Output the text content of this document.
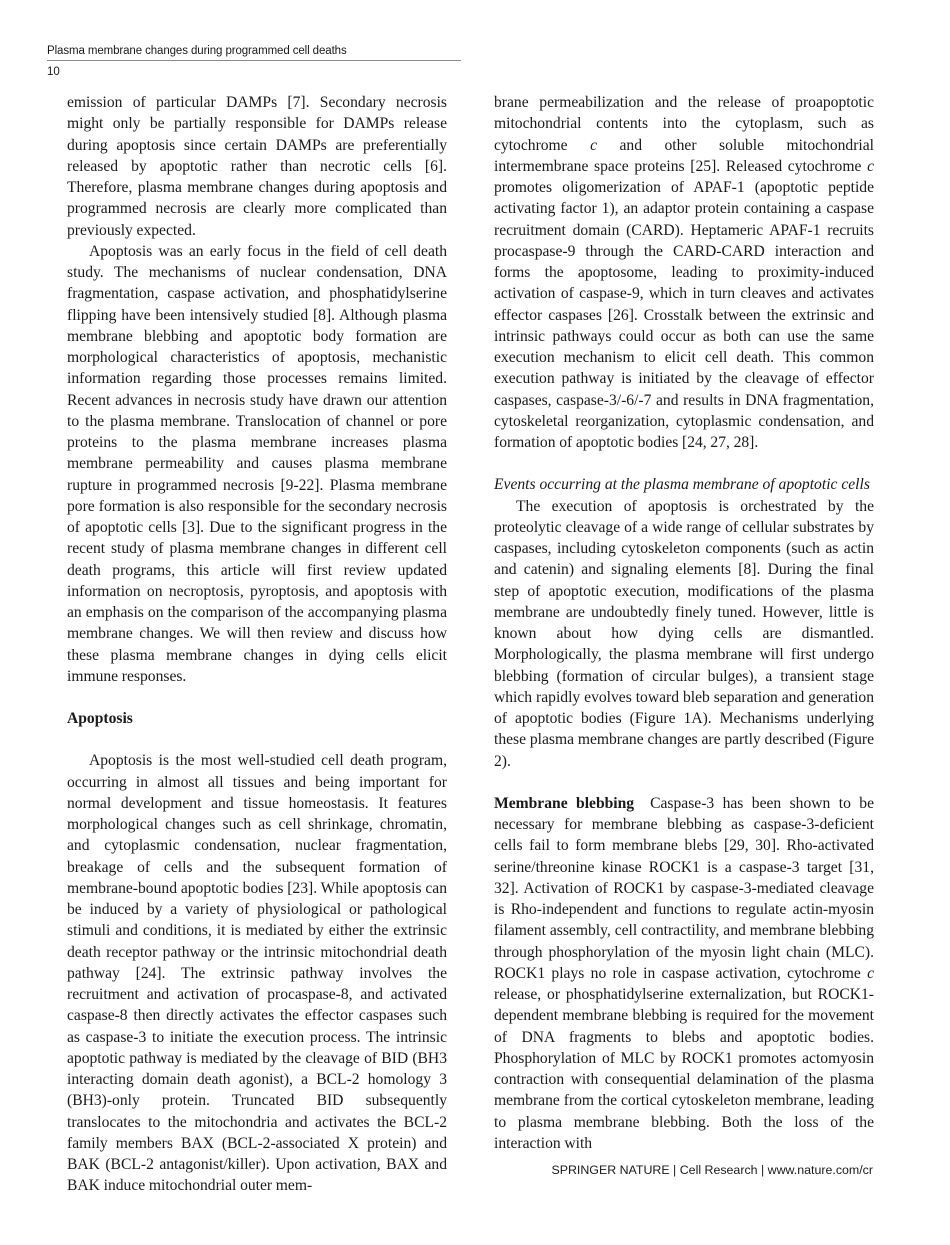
Plasma membrane changes during programmed cell deaths
10

emission of particular DAMPs [7]. Secondary necrosis might only be partially responsible for DAMPs release during apoptosis since certain DAMPs are preferentially released by apoptotic rather than necrotic cells [6]. Therefore, plasma membrane changes during apoptosis and programmed necrosis are clearly more complicated than previously expected.

Apoptosis was an early focus in the field of cell death study. The mechanisms of nuclear condensation, DNA fragmentation, caspase activation, and phosphatidylserine flipping have been intensively studied [8]. Although plasma membrane blebbing and apoptotic body formation are morphological characteristics of apoptosis, mechanistic information regarding those processes remains limited. Recent advances in necrosis study have drawn our attention to the plasma membrane. Translocation of channel or pore proteins to the plasma membrane increases plasma membrane permeability and causes plasma membrane rupture in programmed necrosis [9-22]. Plasma membrane pore formation is also responsible for the secondary necrosis of apoptotic cells [3]. Due to the significant progress in the recent study of plasma membrane changes in different cell death programs, this article will first review updated information on necroptosis, pyroptosis, and apoptosis with an emphasis on the comparison of the accompanying plasma membrane changes. We will then review and discuss how these plasma membrane changes in dying cells elicit immune responses.

Apoptosis

Apoptosis is the most well-studied cell death program, occurring in almost all tissues and being important for normal development and tissue homeostasis. It features morphological changes such as cell shrinkage, chromatin, and cytoplasmic condensation, nuclear fragmentation, breakage of cells and the subsequent formation of membrane-bound apoptotic bodies [23]. While apoptosis can be induced by a variety of physiological or pathological stimuli and conditions, it is mediated by either the extrinsic death receptor pathway or the intrinsic mitochondrial death pathway [24]. The extrinsic pathway involves the recruitment and activation of procaspase-8, and activated caspase-8 then directly activates the effector caspases such as caspase-3 to initiate the execution process. The intrinsic apoptotic pathway is mediated by the cleavage of BID (BH3 interacting domain death agonist), a BCL-2 homology 3 (BH3)-only protein. Truncated BID subsequently translocates to the mitochondria and activates the BCL-2 family members BAX (BCL-2-associated X protein) and BAK (BCL-2 antagonist/killer). Upon activation, BAX and BAK induce mitochondrial outer mem-

brane permeabilization and the release of proapoptotic mitochondrial contents into the cytoplasm, such as cytochrome c and other soluble mitochondrial intermembrane space proteins [25]. Released cytochrome c promotes oligomerization of APAF-1 (apoptotic peptide activating factor 1), an adaptor protein containing a caspase recruitment domain (CARD). Heptameric APAF-1 recruits procaspase-9 through the CARD-CARD interaction and forms the apoptosome, leading to proximity-induced activation of caspase-9, which in turn cleaves and activates effector caspases [26]. Crosstalk between the extrinsic and intrinsic pathways could occur as both can use the same execution mechanism to elicit cell death. This common execution pathway is initiated by the cleavage of effector caspases, caspase-3/-6/-7 and results in DNA fragmentation, cytoskeletal reorganization, cytoplasmic condensation, and formation of apoptotic bodies [24, 27, 28].

Events occurring at the plasma membrane of apoptotic cells

The execution of apoptosis is orchestrated by the proteolytic cleavage of a wide range of cellular substrates by caspases, including cytoskeleton components (such as actin and catenin) and signaling elements [8]. During the final step of apoptotic execution, modifications of the plasma membrane are undoubtedly finely tuned. However, little is known about how dying cells are dismantled. Morphologically, the plasma membrane will first undergo blebbing (formation of circular bulges), a transient stage which rapidly evolves toward bleb separation and generation of apoptotic bodies (Figure 1A). Mechanisms underlying these plasma membrane changes are partly described (Figure 2).

Membrane blebbing Caspase-3 has been shown to be necessary for membrane blebbing as caspase-3-deficient cells fail to form membrane blebs [29, 30]. Rho-activated serine/threonine kinase ROCK1 is a caspase-3 target [31, 32]. Activation of ROCK1 by caspase-3-mediated cleavage is Rho-independent and functions to regulate actin-myosin filament assembly, cell contractility, and membrane blebbing through phosphorylation of the myosin light chain (MLC). ROCK1 plays no role in caspase activation, cytochrome c release, or phosphatidylserine externalization, but ROCK1-dependent membrane blebbing is required for the movement of DNA fragments to blebs and apoptotic bodies. Phosphorylation of MLC by ROCK1 promotes actomyosin contraction with consequential delamination of the plasma membrane from the cortical cytoskeleton membrane, leading to plasma membrane blebbing. Both the loss of the interaction with

SPRINGER NATURE | Cell Research | www.nature.com/cr
